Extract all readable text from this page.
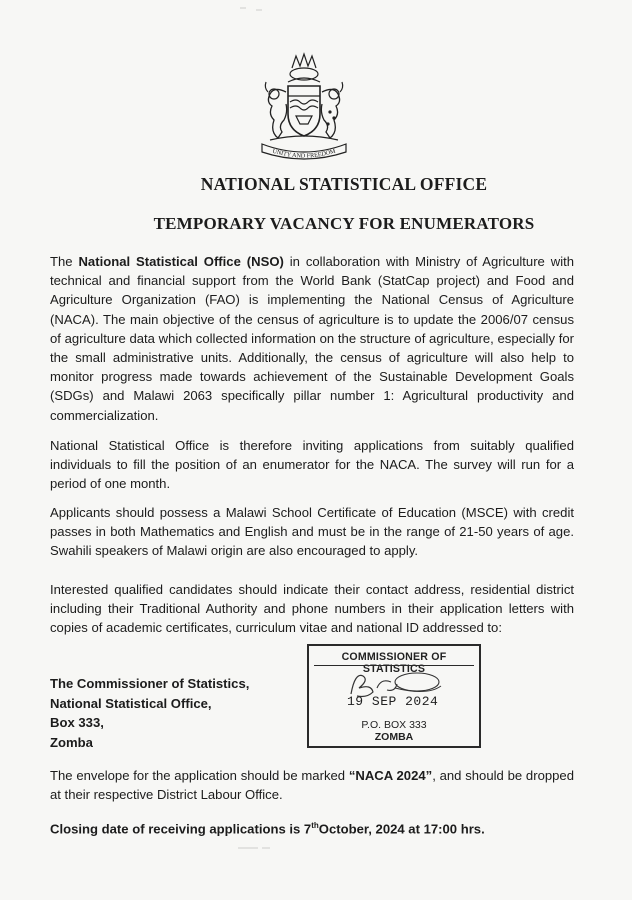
UNITY AND FREEDOM
NATIONAL STATISTICAL OFFICE
TEMPORARY VACANCY FOR ENUMERATORS

The National Statistical Office (NSO) in collaboration with Ministry of Agriculture with technical and financial support from the World Bank (StatCap project) and Food and Agriculture Organization (FAO) is implementing the National Census of Agriculture (NACA). The main objective of the census of agriculture is to update the 2006/07 census of agriculture data which collected information on the structure of agriculture, especially for the small administrative units. Additionally, the census of agriculture will also help to monitor progress made towards achievement of the Sustainable Development Goals (SDGs) and Malawi 2063 specifically pillar number 1: Agricultural productivity and commercialization.

National Statistical Office is therefore inviting applications from suitably qualified individuals to fill the position of an enumerator for the NACA. The survey will run for a period of one month.

Applicants should possess a Malawi School Certificate of Education (MSCE) with credit passes in both Mathematics and English and must be in the range of 21-50 years of age. Swahili speakers of Malawi origin are also encouraged to apply.

Interested qualified candidates should indicate their contact address, residential district including their Traditional Authority and phone numbers in their application letters with copies of academic certificates, curriculum vitae and national ID addressed to:

The Commissioner of Statistics,
National Statistical Office,
Box 333,
Zomba
COMMISSIONER OF STATISTICS
19 SEP 2024
P.O. BOX 333
ZOMBA

The envelope for the application should be marked “NACA 2024”, and should be dropped at their respective District Labour Office.

Closing date of receiving applications is 7thOctober, 2024 at 17:00 hrs.
